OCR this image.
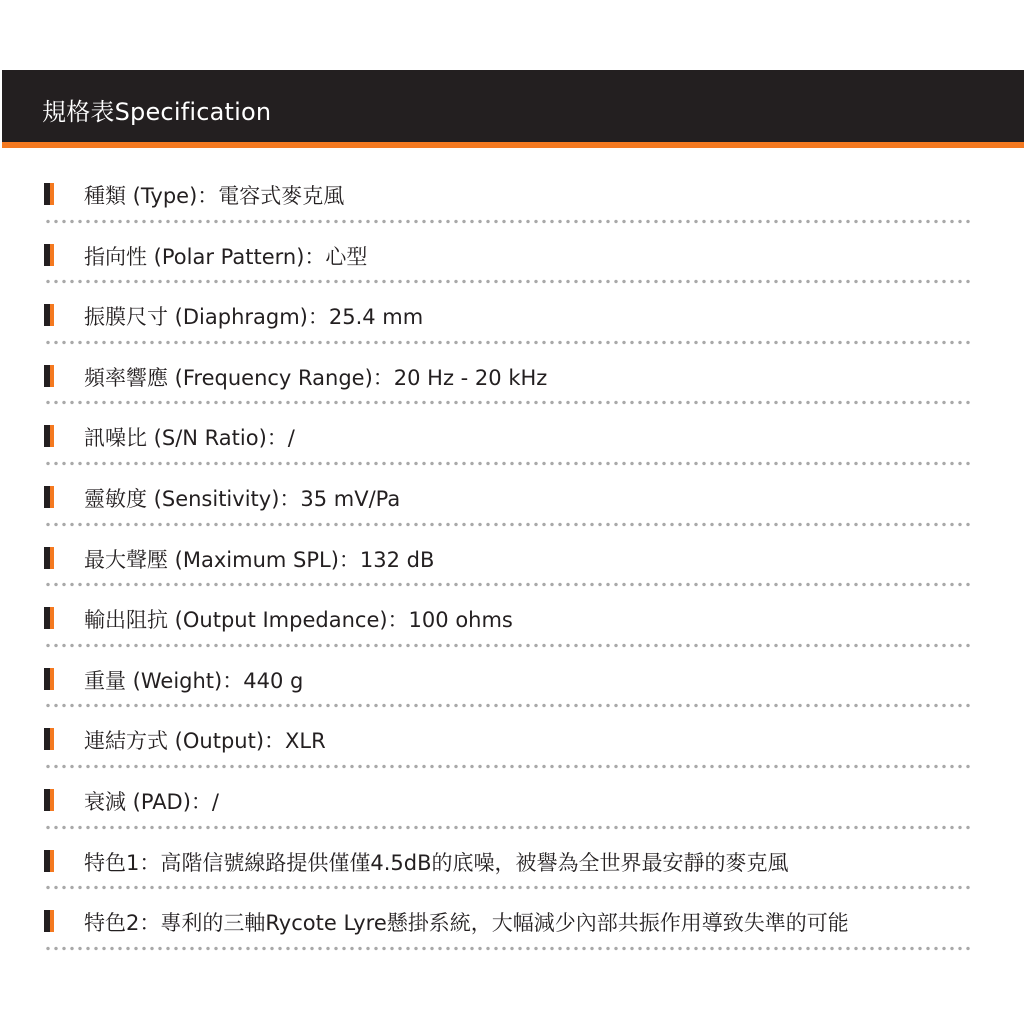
規格表Specification
種類 (Type)：電容式麥克風
指向性 (Polar Pattern)：心型
振膜尺寸 (Diaphragm)：25.4 mm
頻率響應 (Frequency Range)：20 Hz - 20 kHz
訊噪比 (S/N Ratio)：/
靈敏度 (Sensitivity)：35 mV/Pa
最大聲壓 (Maximum SPL)：132 dB
輸出阻抗 (Output Impedance)：100 ohms
重量 (Weight)：440 g
連結方式 (Output)：XLR
衰減 (PAD)：/
特色1：高階信號線路提供僅僅4.5dB的底噪，被譽為全世界最安靜的麥克風
特色2：專利的三軸Rycote Lyre懸掛系統，大幅減少內部共振作用導致失準的可能
